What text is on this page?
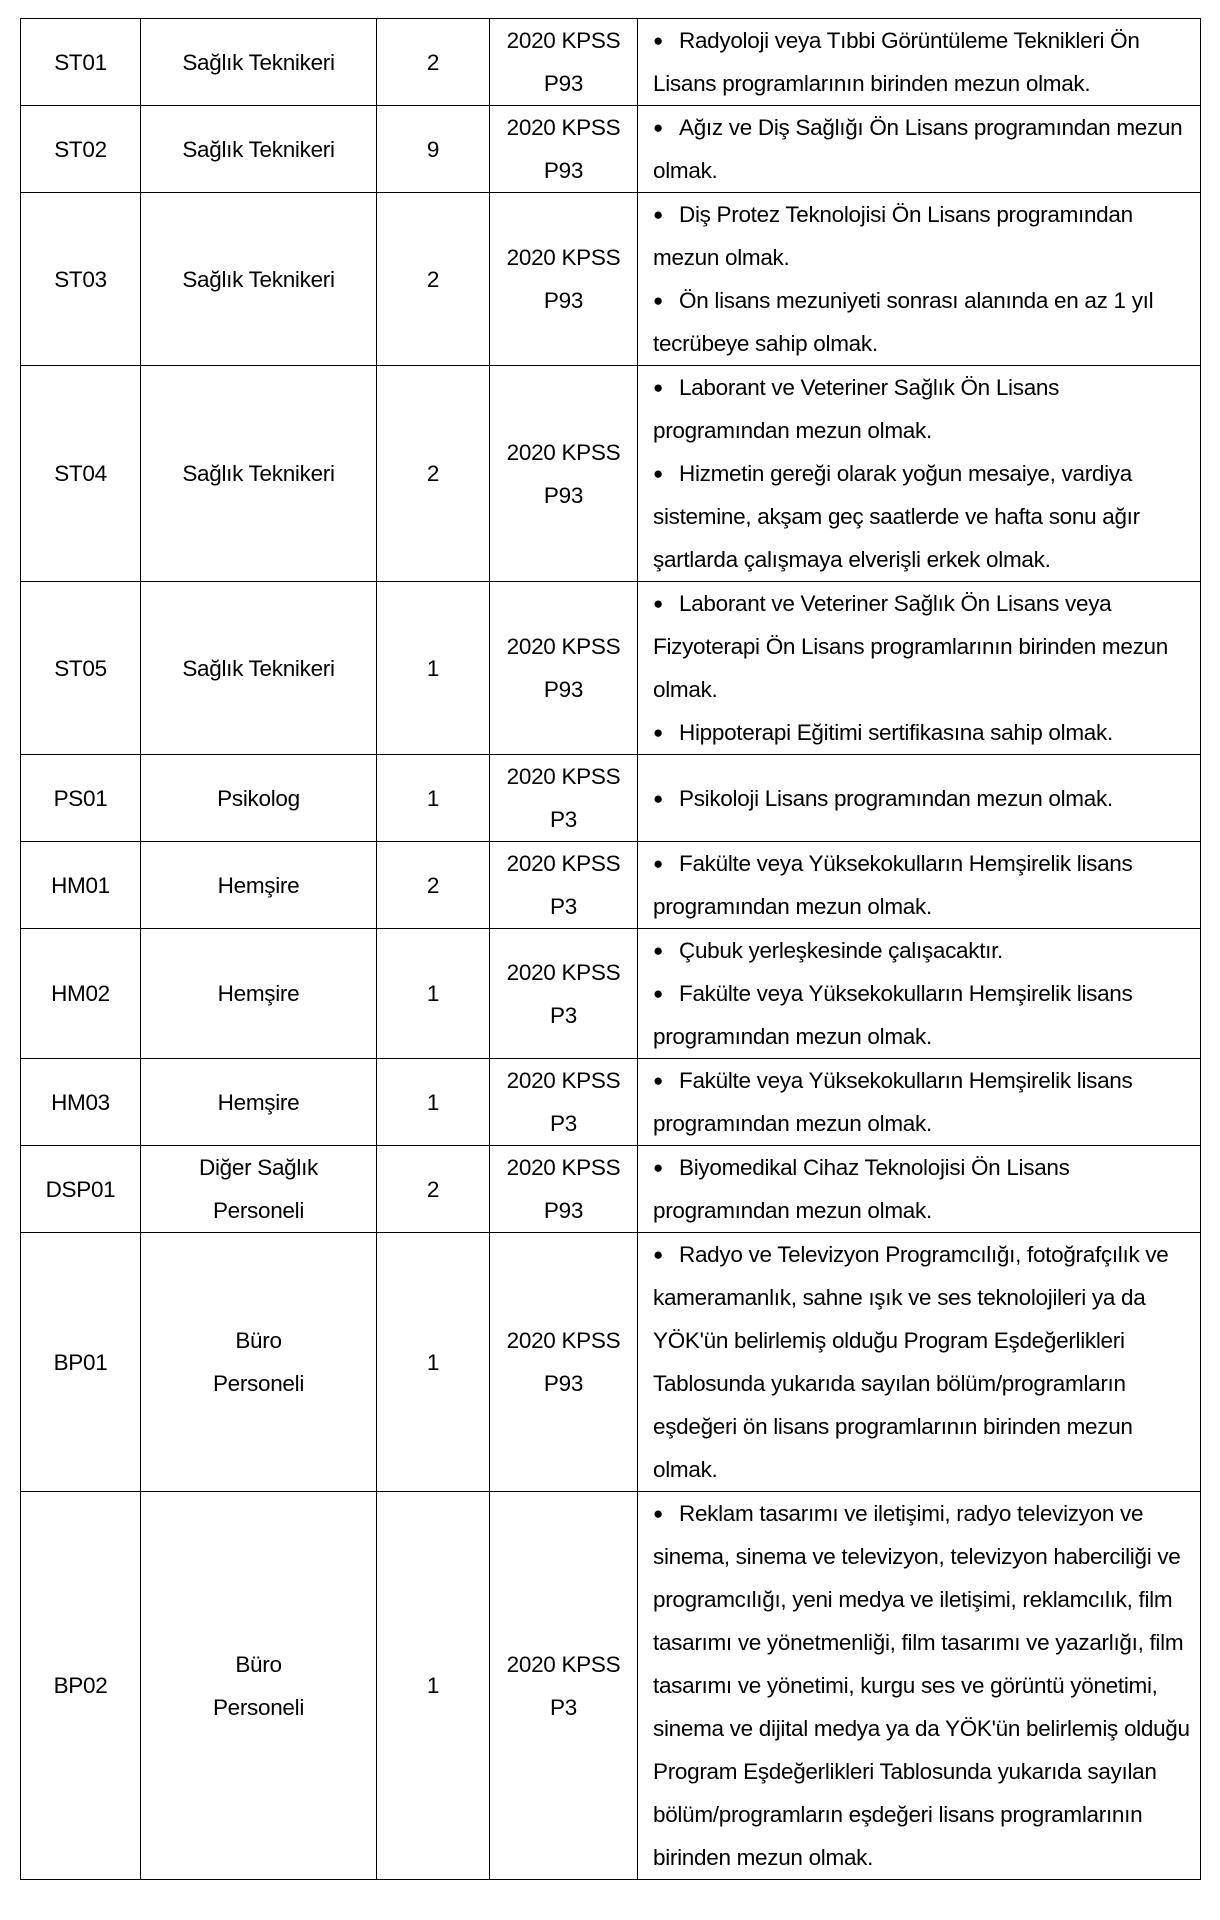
ST01	Sağlık Teknikeri	2	2020 KPSS
P93	● Radyoloji veya Tıbbi Görüntüleme Teknikleri Ön Lisans programlarının birinden mezun olmak.

ST02	Sağlık Teknikeri	9	2020 KPSS
P93	● Ağız ve Diş Sağlığı Ön Lisans programından mezun olmak.

ST03	Sağlık Teknikeri	2	2020 KPSS
P93	● Diş Protez Teknolojisi Ön Lisans programından mezun olmak.
● Ön lisans mezuniyeti sonrası alanında en az 1 yıl tecrübeye sahip olmak.

ST04	Sağlık Teknikeri	2	2020 KPSS
P93	● Laborant ve Veteriner Sağlık Ön Lisans programından mezun olmak.
● Hizmetin gereği olarak yoğun mesaiye, vardiya sistemine, akşam geç saatlerde ve hafta sonu ağır şartlarda çalışmaya elverişli erkek olmak.

ST05	Sağlık Teknikeri	1	2020 KPSS
P93	● Laborant ve Veteriner Sağlık Ön Lisans veya Fizyoterapi Ön Lisans programlarının birinden mezun olmak.
● Hippoterapi Eğitimi sertifikasına sahip olmak.

PS01	Psikolog	1	2020 KPSS
P3	● Psikoloji Lisans programından mezun olmak.

HM01	Hemşire	2	2020 KPSS
P3	● Fakülte veya Yüksekokulların Hemşirelik lisans programından mezun olmak.

HM02	Hemşire	1	2020 KPSS
P3	● Çubuk yerleşkesinde çalışacaktır.
● Fakülte veya Yüksekokulların Hemşirelik lisans programından mezun olmak.

HM03	Hemşire	1	2020 KPSS
P3	● Fakülte veya Yüksekokulların Hemşirelik lisans programından mezun olmak.

DSP01	Diğer Sağlık
Personeli	2	2020 KPSS
P93	● Biyomedikal Cihaz Teknolojisi Ön Lisans programından mezun olmak.

BP01	Büro
Personeli	1	2020 KPSS
P93	● Radyo ve Televizyon Programcılığı, fotoğrafçılık ve kameramanlık, sahne ışık ve ses teknolojileri ya da YÖK'ün belirlemiş olduğu Program Eşdeğerlikleri Tablosunda yukarıda sayılan bölüm/programların eşdeğeri ön lisans programlarının birinden mezun olmak.

BP02	Büro
Personeli	1	2020 KPSS
P3	● Reklam tasarımı ve iletişimi, radyo televizyon ve sinema, sinema ve televizyon, televizyon haberciliği ve programcılığı, yeni medya ve iletişimi, reklamcılık, film tasarımı ve yönetmenliği, film tasarımı ve yazarlığı, film tasarımı ve yönetimi, kurgu ses ve görüntü yönetimi, sinema ve dijital medya ya da YÖK'ün belirlemiş olduğu Program Eşdeğerlikleri Tablosunda yukarıda sayılan bölüm/programların eşdeğeri lisans programlarının birinden mezun olmak.
